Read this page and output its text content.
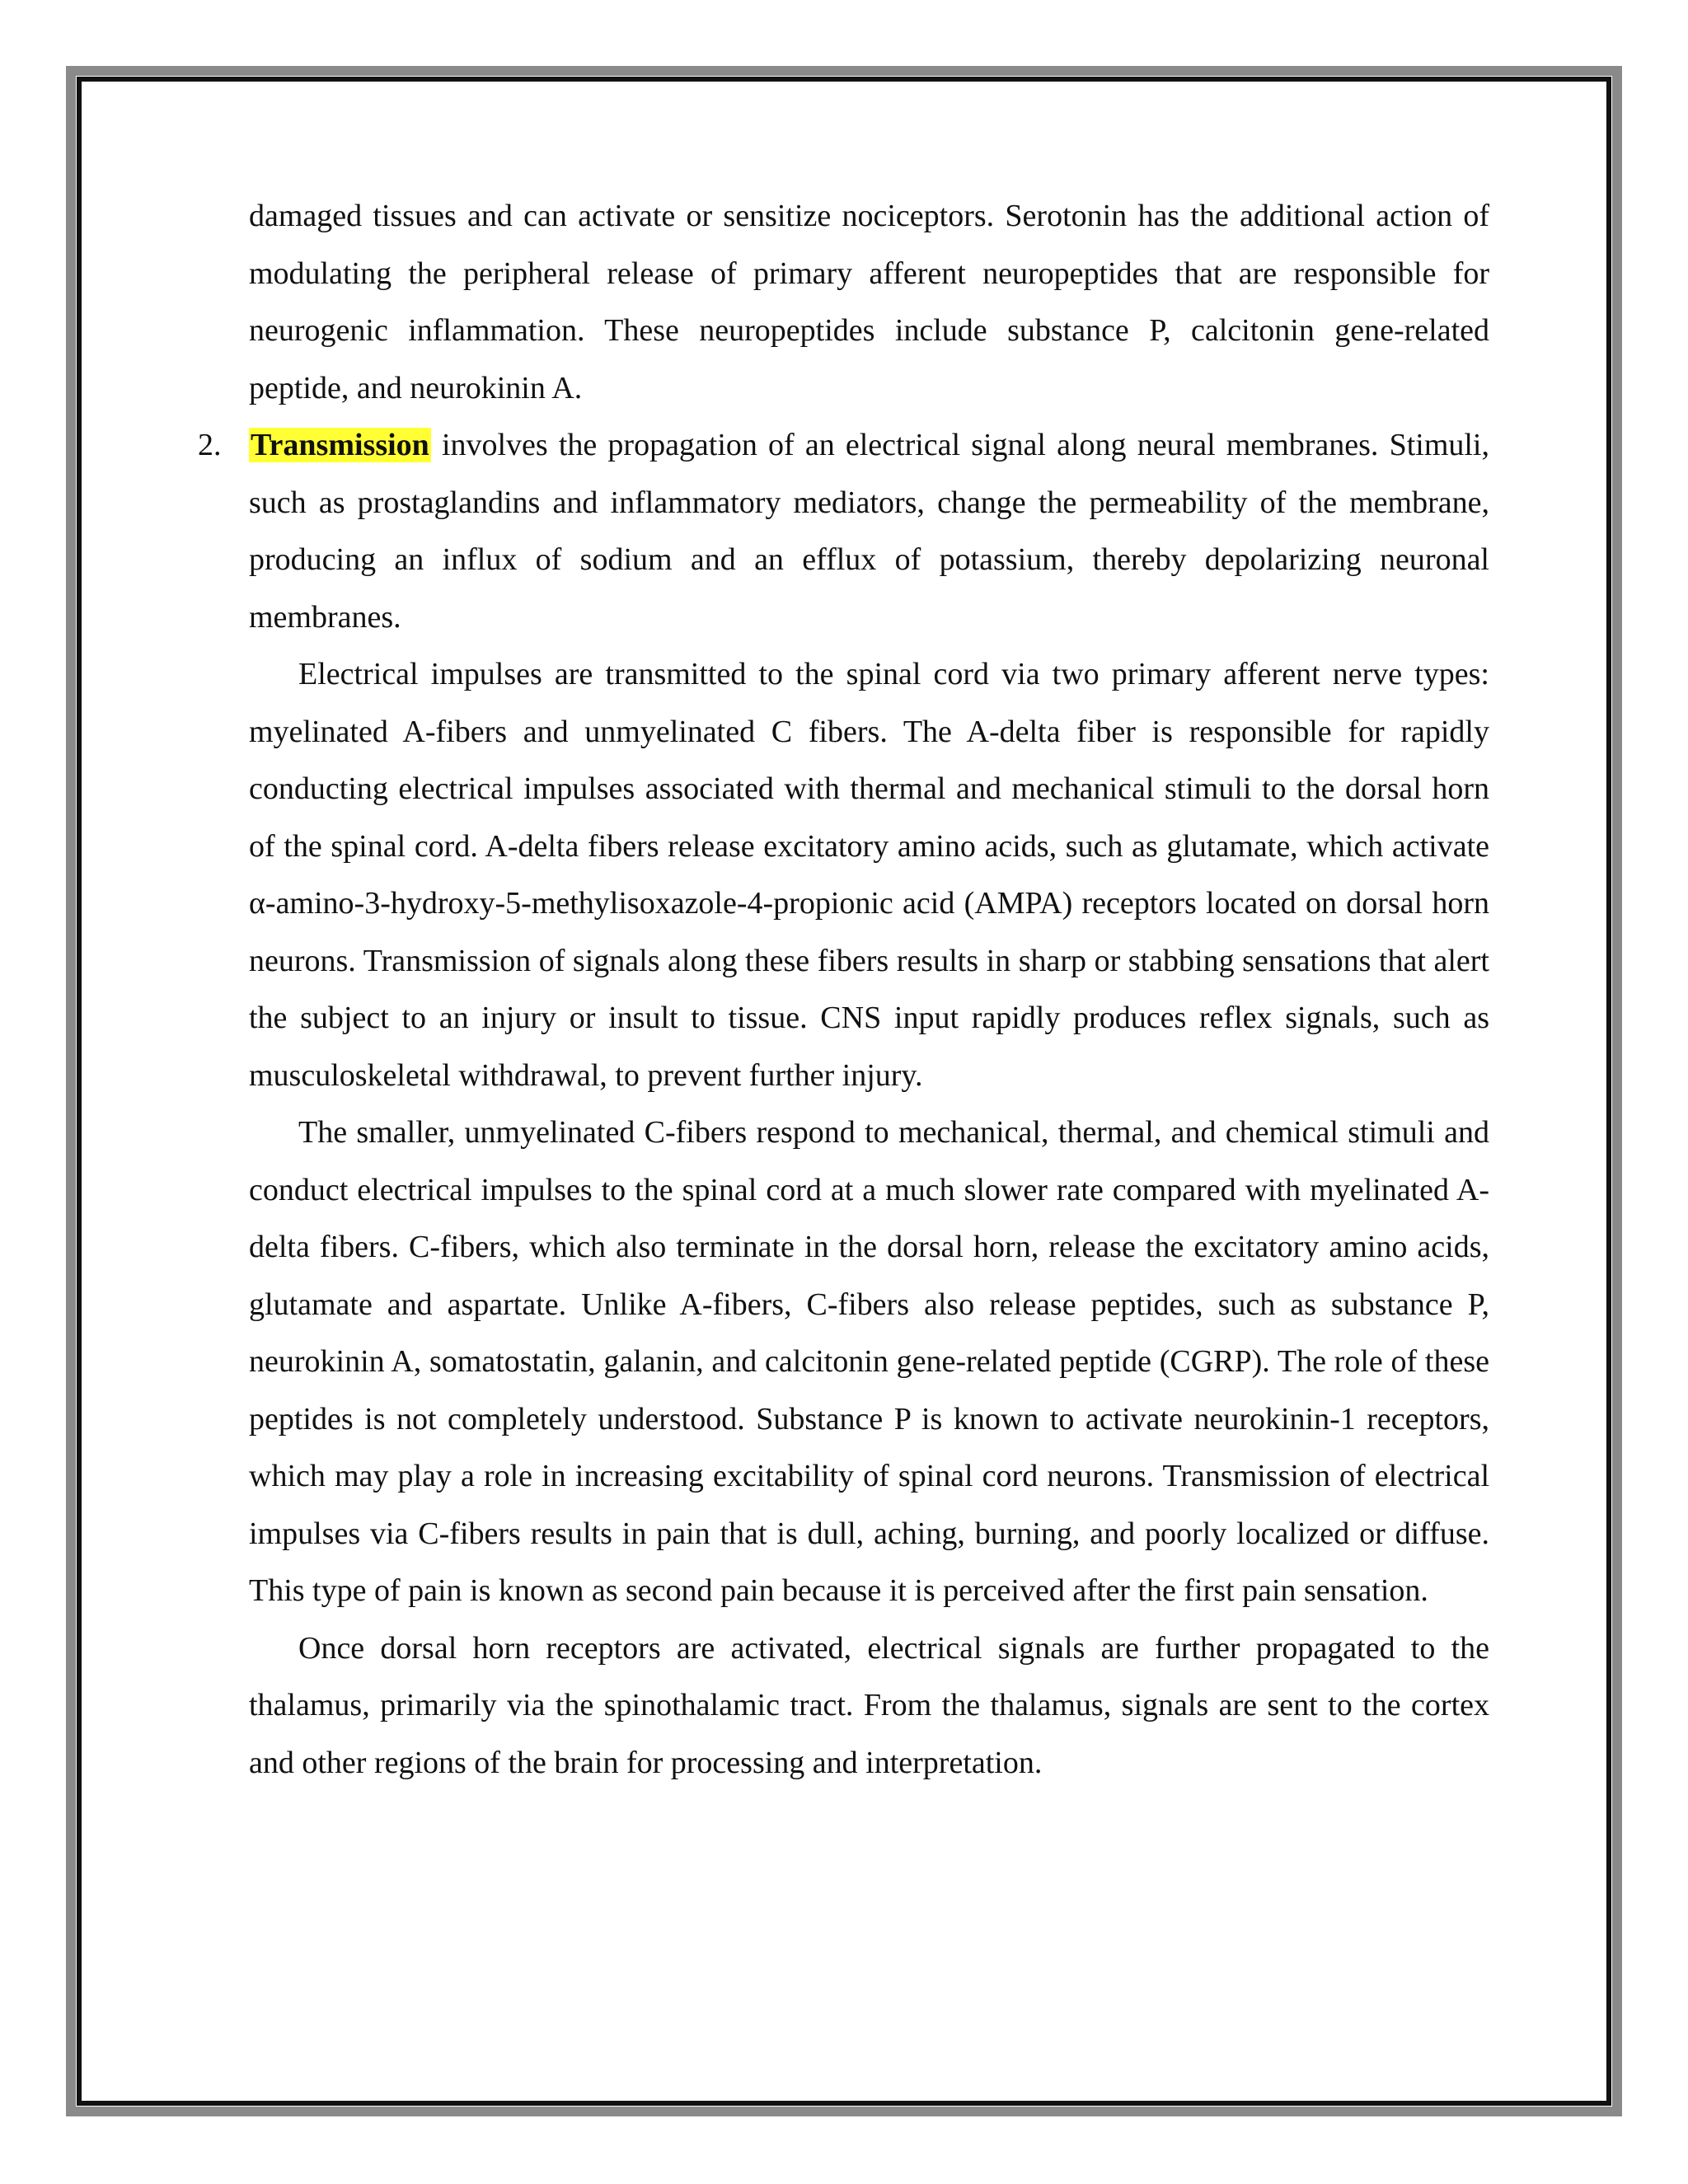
damaged tissues and can activate or sensitize nociceptors. Serotonin has the additional action of modulating the peripheral release of primary afferent neuropeptides that are responsible for neurogenic inflammation. These neuropeptides include substance P, calcitonin gene-related peptide, and neurokinin A.

2. Transmission involves the propagation of an electrical signal along neural membranes. Stimuli, such as prostaglandins and inflammatory mediators, change the permeability of the membrane, producing an influx of sodium and an efflux of potassium, thereby depolarizing neuronal membranes.

Electrical impulses are transmitted to the spinal cord via two primary afferent nerve types: myelinated A-fibers and unmyelinated C fibers. The A-delta fiber is responsible for rapidly conducting electrical impulses associated with thermal and mechanical stimuli to the dorsal horn of the spinal cord. A-delta fibers release excitatory amino acids, such as glutamate, which activate α-amino-3-hydroxy-5-methylisoxazole-4-propionic acid (AMPA) receptors located on dorsal horn neurons. Transmission of signals along these fibers results in sharp or stabbing sensations that alert the subject to an injury or insult to tissue. CNS input rapidly produces reflex signals, such as musculoskeletal withdrawal, to prevent further injury.

The smaller, unmyelinated C-fibers respond to mechanical, thermal, and chemical stimuli and conduct electrical impulses to the spinal cord at a much slower rate compared with myelinated A-delta fibers. C-fibers, which also terminate in the dorsal horn, release the excitatory amino acids, glutamate and aspartate. Unlike A-fibers, C-fibers also release peptides, such as substance P, neurokinin A, somatostatin, galanin, and calcitonin gene-related peptide (CGRP). The role of these peptides is not completely understood. Substance P is known to activate neurokinin-1 receptors, which may play a role in increasing excitability of spinal cord neurons. Transmission of electrical impulses via C-fibers results in pain that is dull, aching, burning, and poorly localized or diffuse. This type of pain is known as second pain because it is perceived after the first pain sensation.

Once dorsal horn receptors are activated, electrical signals are further propagated to the thalamus, primarily via the spinothalamic tract. From the thalamus, signals are sent to the cortex and other regions of the brain for processing and interpretation.
